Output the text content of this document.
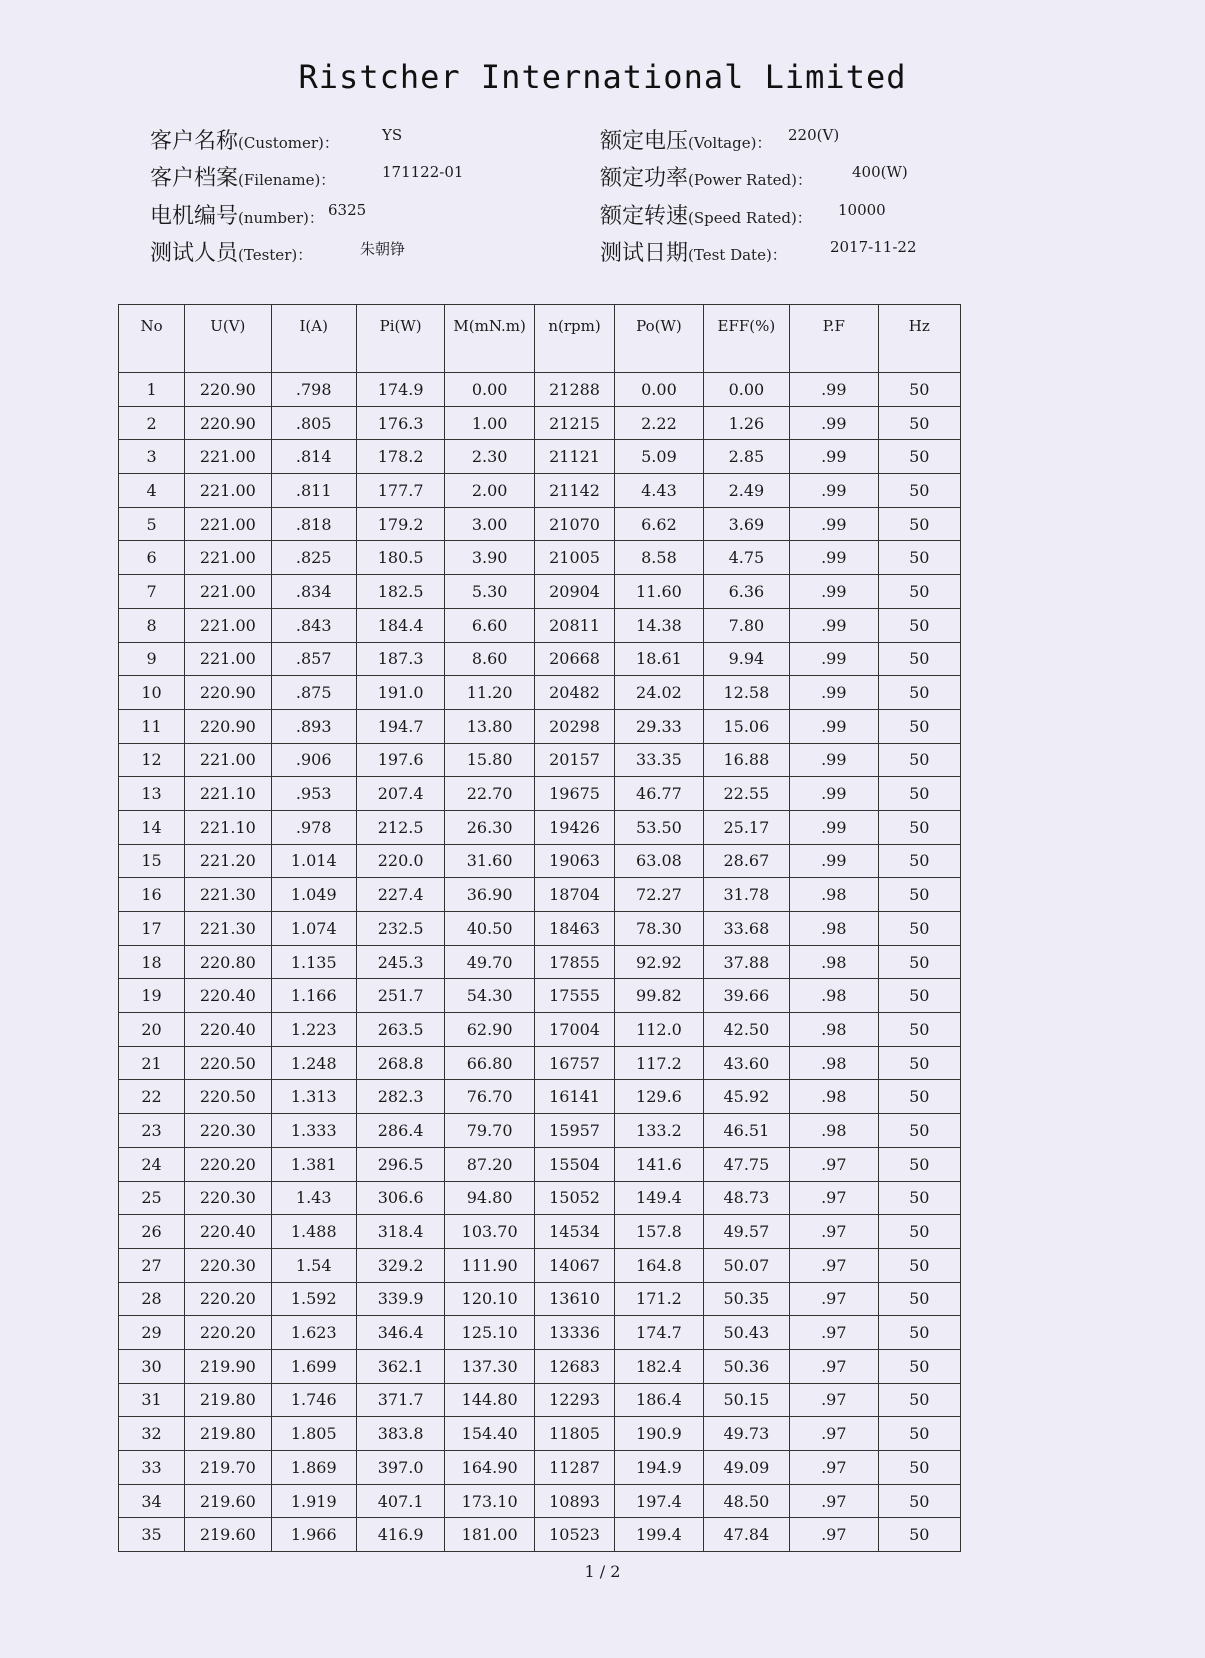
Ristcher International Limited
客户名称(Customer)：	YS
客户档案(Filename)：	171122-01
电机编号(number)： 6325
测试人员(Tester)：	朱朝铮
额定电压(Voltage)： 220(V)
额定功率(Power Rated)：	400(W)
额定转速(Speed Rated)： 10000
测试日期(Test Date)：	2017-11-22
No	U(V)	I(A)	Pi(W)	M(mN.m)	n(rpm)	Po(W)	EFF(%)	P.F	Hz
1	220.90	.798	174.9	0.00	21288	0.00	0.00	.99	50
2	220.90	.805	176.3	1.00	21215	2.22	1.26	.99	50
3	221.00	.814	178.2	2.30	21121	5.09	2.85	.99	50
4	221.00	.811	177.7	2.00	21142	4.43	2.49	.99	50
5	221.00	.818	179.2	3.00	21070	6.62	3.69	.99	50
6	221.00	.825	180.5	3.90	21005	8.58	4.75	.99	50
7	221.00	.834	182.5	5.30	20904	11.60	6.36	.99	50
8	221.00	.843	184.4	6.60	20811	14.38	7.80	.99	50
9	221.00	.857	187.3	8.60	20668	18.61	9.94	.99	50
10	220.90	.875	191.0	11.20	20482	24.02	12.58	.99	50
11	220.90	.893	194.7	13.80	20298	29.33	15.06	.99	50
12	221.00	.906	197.6	15.80	20157	33.35	16.88	.99	50
13	221.10	.953	207.4	22.70	19675	46.77	22.55	.99	50
14	221.10	.978	212.5	26.30	19426	53.50	25.17	.99	50
15	221.20	1.014	220.0	31.60	19063	63.08	28.67	.99	50
16	221.30	1.049	227.4	36.90	18704	72.27	31.78	.98	50
17	221.30	1.074	232.5	40.50	18463	78.30	33.68	.98	50
18	220.80	1.135	245.3	49.70	17855	92.92	37.88	.98	50
19	220.40	1.166	251.7	54.30	17555	99.82	39.66	.98	50
20	220.40	1.223	263.5	62.90	17004	112.0	42.50	.98	50
21	220.50	1.248	268.8	66.80	16757	117.2	43.60	.98	50
22	220.50	1.313	282.3	76.70	16141	129.6	45.92	.98	50
23	220.30	1.333	286.4	79.70	15957	133.2	46.51	.98	50
24	220.20	1.381	296.5	87.20	15504	141.6	47.75	.97	50
25	220.30	1.43	306.6	94.80	15052	149.4	48.73	.97	50
26	220.40	1.488	318.4	103.70	14534	157.8	49.57	.97	50
27	220.30	1.54	329.2	111.90	14067	164.8	50.07	.97	50
28	220.20	1.592	339.9	120.10	13610	171.2	50.35	.97	50
29	220.20	1.623	346.4	125.10	13336	174.7	50.43	.97	50
30	219.90	1.699	362.1	137.30	12683	182.4	50.36	.97	50
31	219.80	1.746	371.7	144.80	12293	186.4	50.15	.97	50
32	219.80	1.805	383.8	154.40	11805	190.9	49.73	.97	50
33	219.70	1.869	397.0	164.90	11287	194.9	49.09	.97	50
34	219.60	1.919	407.1	173.10	10893	197.4	48.50	.97	50
35	219.60	1.966	416.9	181.00	10523	199.4	47.84	.97	50
1 / 2
